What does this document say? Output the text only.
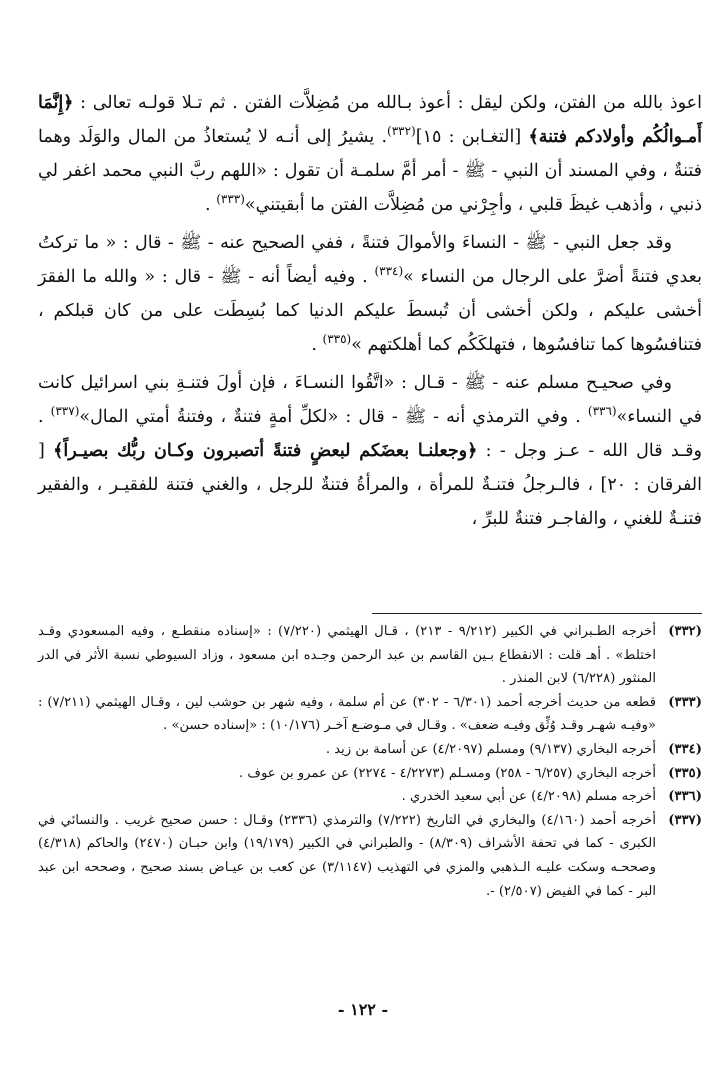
اعوذ بالله من الفتن، ولكن ليقل : أعوذ بـالله من مُضِلاَّت الفتن . ثم تـلا قولـه تعالى : ﴿إِنَّمَا أَمـوالُكُم وأولادكم فتنة﴾ [التغـابن : ١٥]$^{(٣٣٢)}$. يشيرُ إلى أنـه لا يُستعاذُ من المال والوَلَد وهما فتنةٌ ، وفي المسند أن النبي - ﷺ - أمر أمَّ سلمـة أن تقول : «اللهم ربَّ النبي محمد اغفر لي ذنبي ، وأذهب غيظَ قلبي ، وأجِرْني من مُضِلاَّت الفتن ما أبقيتني»$^{(٣٣٣)}$ .

وقد جعل النبي - ﷺ - النساءَ والأموالَ فتنةً ، ففي الصحيح عنه - ﷺ - قال : « ما تركتُ بعدي فتنةً أضرَّ على الرجال من النساء »$^{(٣٣٤)}$ . وفيه أيضاً أنه - ﷺ - قال : « والله ما الفقرَ أخشى عليكم ، ولكن أخشى أن تُبسطَ عليكم الدنيا كما بُسِطَت على من كان قبلكم ، فتنافسُوها كما تنافسُوها ، فتهلكَكُم كما أهلكتهم »$^{(٣٣٥)}$ .

وفي صحيـح مسلم عنه - ﷺ - قـال : «اتَّقُوا النسـاءَ ، فإن أولَ فتنـةِ بني اسرائيل كانت في النساء»$^{(٣٣٦)}$ . وفي الترمذي أنه - ﷺ - قال : «لكلِّ أمةٍ فتنةٌ ، وفتنةُ أمتي المال»$^{(٣٣٧)}$ . وقـد قال الله - عـز وجل - : ﴿وجعلنـا بعضَكم لبعضٍ فتنةً أتصبرون وكـان ربُّك بصيـراً﴾ [ الفرقان : ٢٠] ، فالـرجلُ فتنـةٌ للمرأة ، والمرأةُ فتنةٌ للرجل ، والغني فتنة للفقيـر ، والفقير فتنـةٌ للغني ، والفاجـر فتنةٌ للبرِّ ،

(٣٣٢)
أخرجه الطـبراني في الكبير (٩/٢١٢ - ٢١٣) ، قـال الهيثمي (٧/٢٢٠) : «إسناده منقطـع ، وفيه المسعودي وقـد اختلط» . أهـ قلت : الانقطاع بـين القاسم بن عبد الرحمن وجـده ابن مسعود ، وزاد السيوطي نسبة الأثر في الدر المنثور (٦/٢٢٨) لابن المنذر .
(٣٣٣)
قطعه من حديث أخرجه أحمد (٦/٣٠١ - ٣٠٢) عن أم سلمة ، وفيه شهر بن حوشب لين ، وقـال الهيثمي (٧/٢١١) : «وفيـه شهـر وقـد وُثِّق وفيـه ضعف» . وقـال في مـوضـع آخـر (١٠/١٧٦) : «إسناده حسن» .
(٣٣٤)
أخرجه البخاري (٩/١٣٧) ومسلم (٤/٢٠٩٧) عن أسامة بن زيد .
(٣٣٥)
أخرجه البخاري (٦/٢٥٧ - ٢٥٨) ومسـلم (٤/٢٢٧٣ - ٢٢٧٤) عن عمرو بن عوف .
(٣٣٦)
أخرجه مسلم (٤/٢٠٩٨) عن أبي سعيد الخدري .
(٣٣٧)
أخرجه أحمد (٤/١٦٠) والبخاري في التاريخ (٧/٢٢٢) والترمذي (٢٣٣٦) وقـال : حسن صحيح غريب . والنسائي في الكبرى - كما في تحفة الأشراف (٨/٣٠٩) - والطبراني في الكبير (١٩/١٧٩) وابن حبـان (٢٤٧٠) والحاكم (٤/٣١٨) وصححـه وسكت عليـه الـذهبي والمزي في التهذيب (٣/١١٤٧) عن كعب بن عيـاض بسند صحيح ، وصححه ابن عبد البر - كما في الفيض (٢/٥٠٧) -.
- ١٢٢ -
